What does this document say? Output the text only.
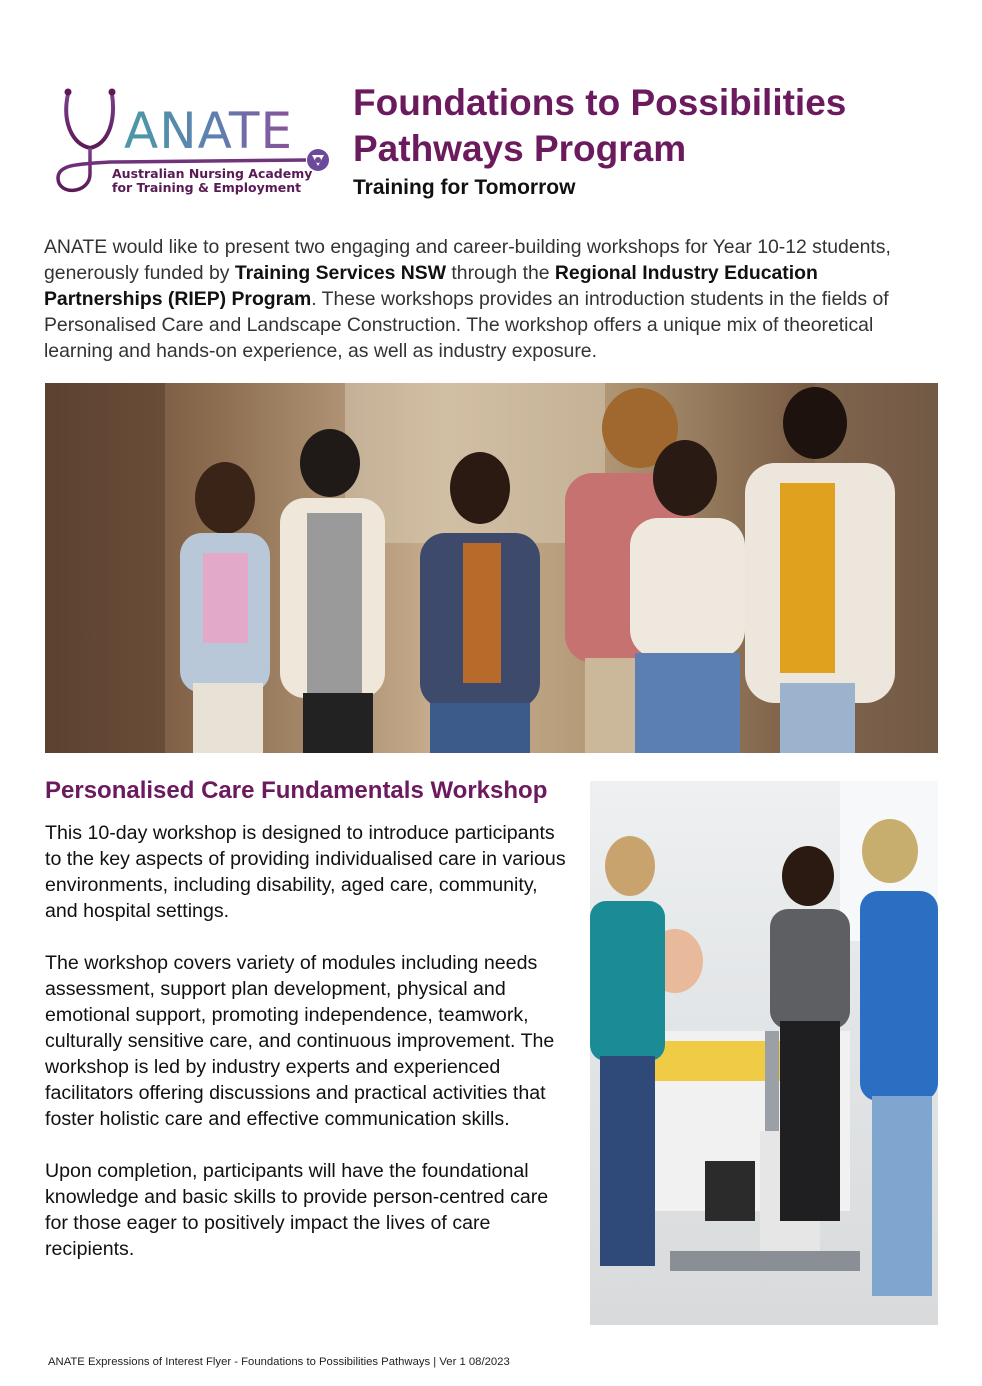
ANATE
Australian Nursing Academy
for Training & Employment
Foundations to Possibilities
Pathways Program
Training for Tomorrow

ANATE would like to present two engaging and career-building workshops for Year 10-12 students, generously funded by Training Services NSW through the Regional Industry Education Partnerships (RIEP) Program. These workshops provides an introduction students in the fields of Personalised Care and Landscape Construction. The workshop offers a unique mix of theoretical learning and hands-on experience, as well as industry exposure.

Personalised Care Fundamentals Workshop

This 10-day workshop is designed to introduce participants to the key aspects of providing individualised care in various environments, including disability, aged care, community, and hospital settings.

The workshop covers variety of modules including needs assessment, support plan development, physical and emotional support, promoting independence, teamwork, culturally sensitive care, and continuous improvement. The workshop is led by industry experts and experienced facilitators offering discussions and practical activities that foster holistic care and effective communication skills.

Upon completion, participants will have the foundational knowledge and basic skills to provide person-centred care for those eager to positively impact the lives of care recipients.

ANATE Expressions of Interest Flyer - Foundations to Possibilities Pathways | Ver 1 08/2023
